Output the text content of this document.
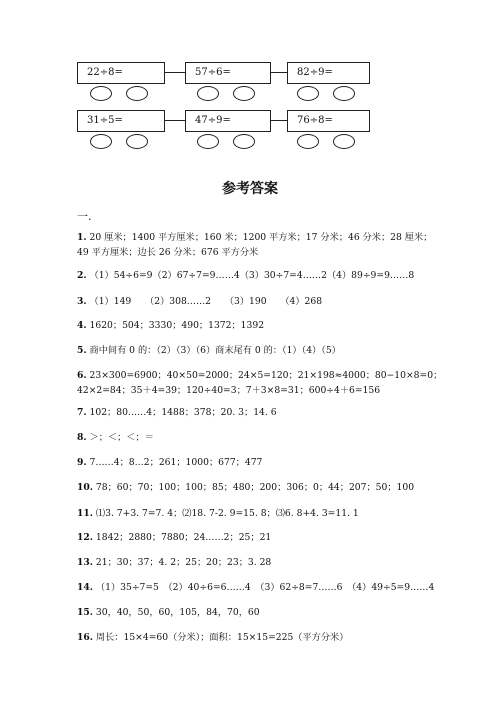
22÷8=	57÷6=	82÷9=
31÷5=	47÷9=	76÷8=
参考答案
一.
1. 20 厘米；1400 平方厘米；160 米；1200 平方米；17 分米；46 分米；28 厘米；
49 平方厘米；边长 26 分米；676 平方分米
2. （1）54÷6=9（2）67÷7=9……4（3）30÷7=4……2（4）89÷9=9……8
3. （1）149　　（2）308……2　　（3）190　　（4）268
4. 1620；504；3330；490；1372；1392
5. 商中间有 0 的：（2）（3）（6）商末尾有 0 的：（1）（4）（5）
6. 23×300=6900；40×50=2000；24×5=120；21×198≈4000；80−10×8=0；
42×2=84；35＋4=39；120÷40=3；7＋3×8=31；600÷4＋6=156
7. 102；80……4；1488；378；20. 3；14. 6
8. ＞；＜；＜；＝
9. 7……4；8…2；261；1000；677；477
10. 78；60；70；100；100；85；480；200；306；0；44；207；50；100
11. ⑴3. 7+3. 7=7. 4；⑵18. 7-2. 9=15. 8；⑶6. 8+4. 3=11. 1
12. 1842；2880；7880；24……2；25；21
13. 21；30；37；4. 2；25；20；23；3. 28
14. （1）35÷7=5　（2）40÷6=6……4　（3）62÷8=7……6　（4）49÷5=9……4
15. 30，40，50，60，105，84，70，60
16. 周长：15×4=60（分米）；面积：15×15=225（平方分米）
